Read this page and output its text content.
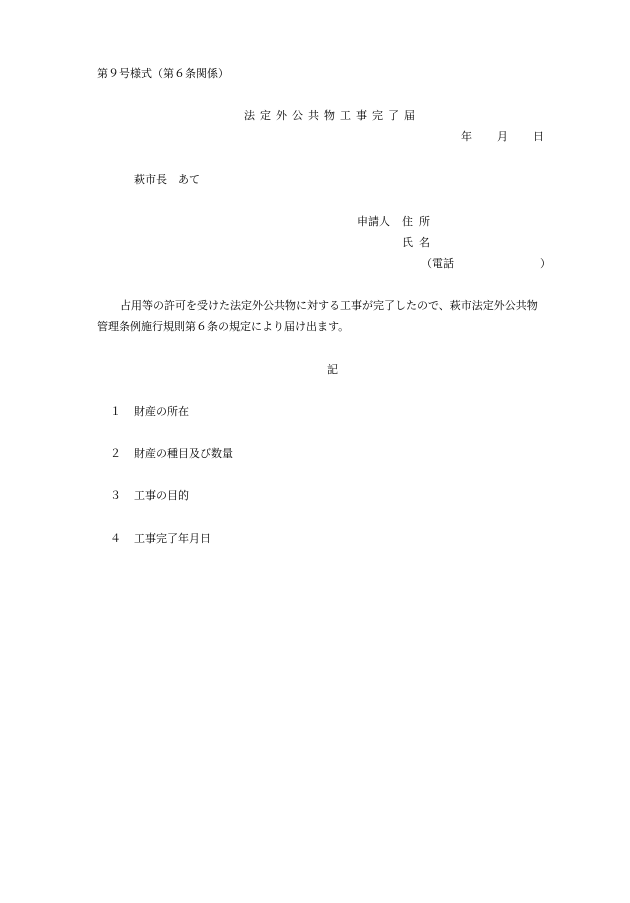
第９号様式（第６条関係）
法定外公共物工事完了届
年 月 日
萩市長　あて
申請人 住所
氏名
（電話	）
占用等の許可を受けた法定外公共物に対する工事が完了したので、萩市法定外公共物
管理条例施行規則第６条の規定により届け出ます。
記
１ 財産の所在
２ 財産の種目及び数量
３ 工事の目的
４ 工事完了年月日
